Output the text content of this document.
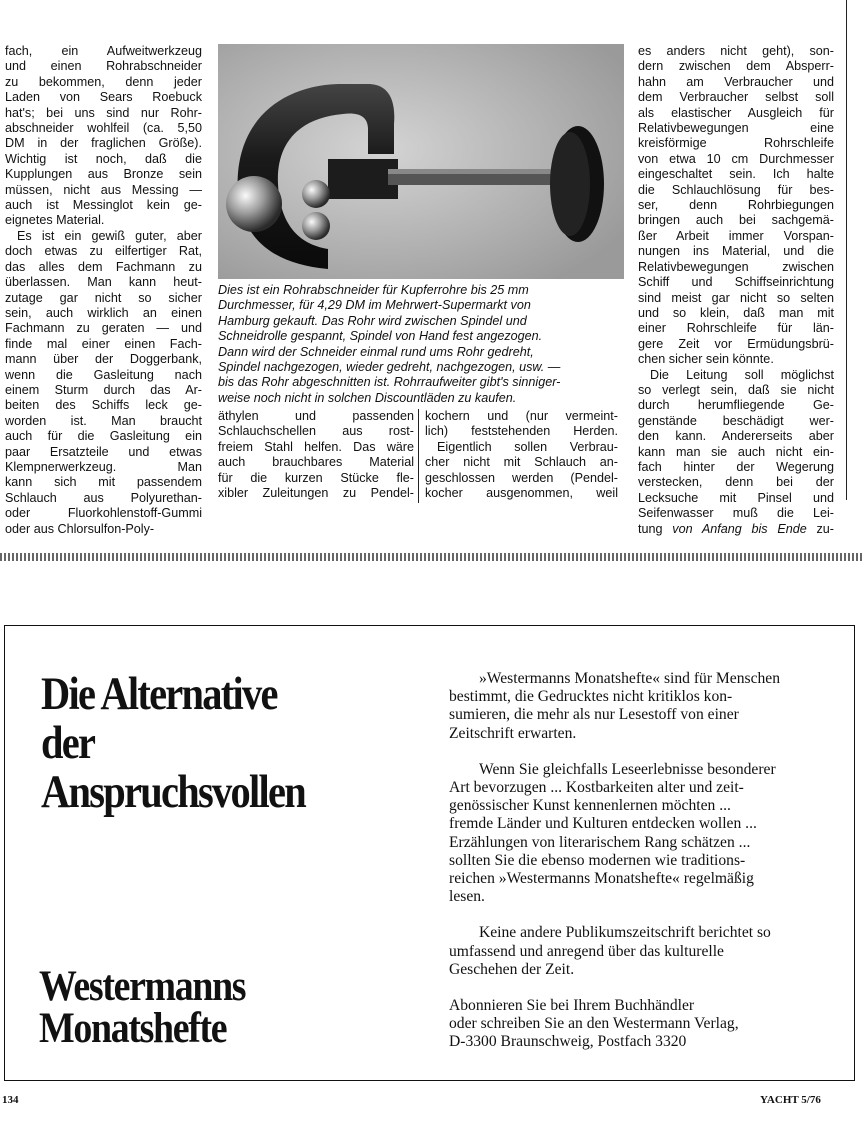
fach, ein Aufweitwerkzeug

und einen Rohrabschneider

zu bekommen, denn jeder

Laden von Sears Roebuck

hat's; bei uns sind nur Rohr-

abschneider wohlfeil (ca. 5,50

DM in der fraglichen Größe).

Wichtig ist noch, daß die

Kupplungen aus Bronze sein

müssen, nicht aus Messing —

auch ist Messinglot kein ge-

eignetes Material.

Es ist ein gewiß guter, aber

doch etwas zu eilfertiger Rat,

das alles dem Fachmann zu

überlassen. Man kann heut-

zutage gar nicht so sicher

sein, auch wirklich an einen

Fachmann zu geraten — und

finde mal einer einen Fach-

mann über der Doggerbank,

wenn die Gasleitung nach

einem Sturm durch das Ar-

beiten des Schiffs leck ge-

worden ist. Man braucht

auch für die Gasleitung ein

paar Ersatzteile und etwas

Klempnerwerkzeug. Man

kann sich mit passendem

Schlauch aus Polyurethan-

oder Fluorkohlenstoff-Gummi

oder aus Chlorsulfon-Poly-

Dies ist ein Rohrabschneider für Kupferrohre bis 25 mm
Durchmesser, für 4,29 DM im Mehrwert-Supermarkt von
Hamburg gekauft. Das Rohr wird zwischen Spindel und
Schneidrolle gespannt, Spindel von Hand fest angezogen.
Dann wird der Schneider einmal rund ums Rohr gedreht,
Spindel nachgezogen, wieder gedreht, nachgezogen, usw. —
bis das Rohr abgeschnitten ist. Rohrraufweiter gibt's sinniger-
weise noch nicht in solchen Discountläden zu kaufen.

äthylen und passenden

Schlauchschellen aus rost-

freiem Stahl helfen. Das wäre

auch brauchbares Material

für die kurzen Stücke fle-

xibler Zuleitungen zu Pendel-

kochern und (nur vermeint-

lich) feststehenden Herden.

Eigentlich sollen Verbrau-

cher nicht mit Schlauch an-

geschlossen werden (Pendel-

kocher ausgenommen, weil

es anders nicht geht), son-

dern zwischen dem Absperr-

hahn am Verbraucher und

dem Verbraucher selbst soll

als elastischer Ausgleich für

Relativbewegungen eine

kreisförmige Rohrschleife

von etwa 10 cm Durchmesser

eingeschaltet sein. Ich halte

die Schlauchlösung für bes-

ser, denn Rohrbiegungen

bringen auch bei sachgemä-

ßer Arbeit immer Vorspan-

nungen ins Material, und die

Relativbewegungen zwischen

Schiff und Schiffseinrichtung

sind meist gar nicht so selten

und so klein, daß man mit

einer Rohrschleife für län-

gere Zeit vor Ermüdungsbrü-

chen sicher sein könnte.

Die Leitung soll möglichst

so verlegt sein, daß sie nicht

durch herumfliegende Ge-

genstände beschädigt wer-

den kann. Andererseits aber

kann man sie auch nicht ein-

fach hinter der Wegerung

verstecken, denn bei der

Lecksuche mit Pinsel und

Seifenwasser muß die Lei-

tung von Anfang bis Ende zu-

Die Alternative
der
Anspruchsvollen
Westermanns
Monatshefte
»Westermanns Monatshefte« sind für Menschen
bestimmt, die Gedrucktes nicht kritiklos kon-
sumieren, die mehr als nur Lesestoff von einer
Zeitschrift erwarten.
Wenn Sie gleichfalls Leseerlebnisse besonderer
Art bevorzugen ... Kostbarkeiten alter und zeit-
genössischer Kunst kennenlernen möchten ...
fremde Länder und Kulturen entdecken wollen ...
Erzählungen von literarischem Rang schätzen ...
sollten Sie die ebenso modernen wie traditions-
reichen »Westermanns Monatshefte« regelmäßig
lesen.
Keine andere Publikumszeitschrift berichtet so
umfassend und anregend über das kulturelle
Geschehen der Zeit.
Abonnieren Sie bei Ihrem Buchhändler
oder schreiben Sie an den Westermann Verlag,
D-3300 Braunschweig, Postfach 3320
134	YACHT 5/76
